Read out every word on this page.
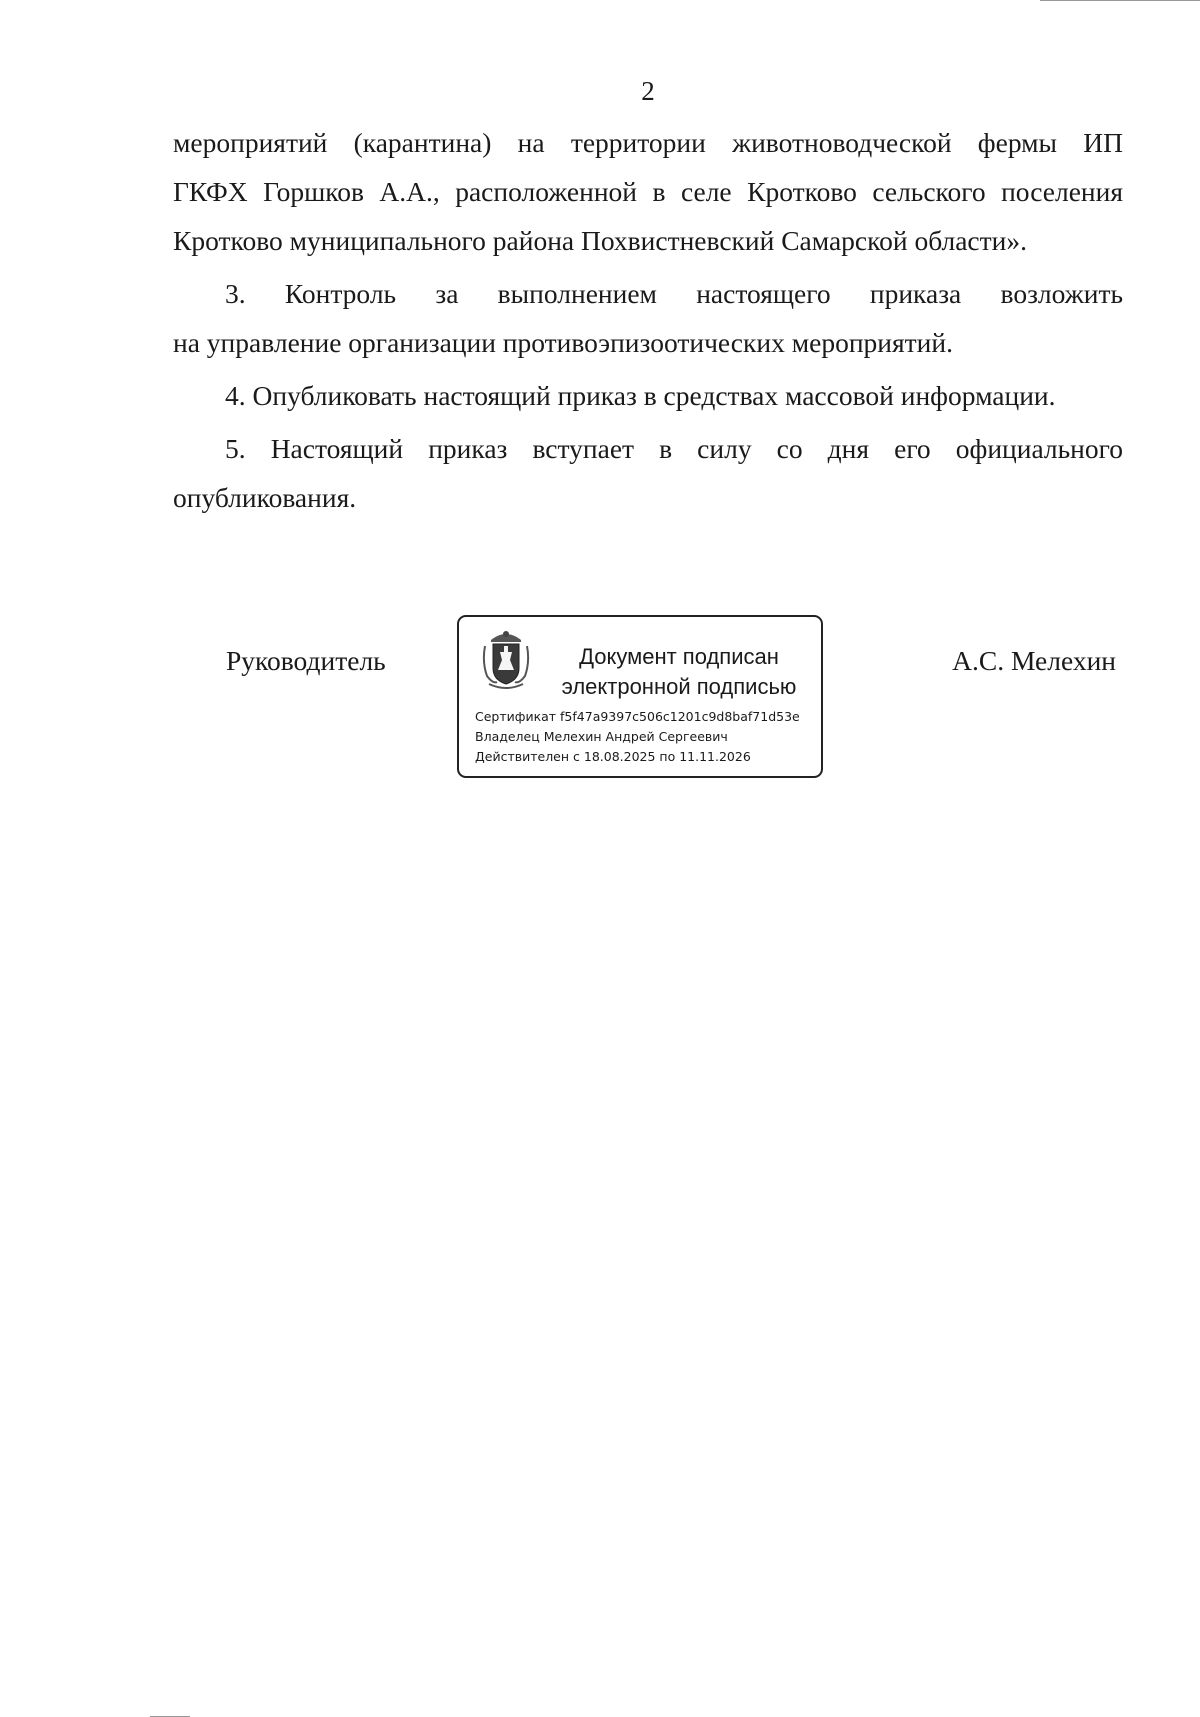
2
мероприятий (карантина) на территории животноводческой фермы ИП
ГКФХ Горшков А.А., расположенной в селе Кротково сельского поселения
Кротково муниципального района Похвистневский Самарской области».
3. Контроль за выполнением настоящего приказа возложить
на управление организации противоэпизоотических мероприятий.
4. Опубликовать настоящий приказ в средствах массовой информации.
5. Настоящий приказ вступает в силу со дня его официального
опубликования.
Руководитель	Документ подписан
электронной подписью
Сертификат f5f47a9397c506c1201c9d8baf71d53e
Владелец Мелехин Андрей Сергеевич
Действителен с 18.08.2025 по 11.11.2026
А.С. Мелехин
